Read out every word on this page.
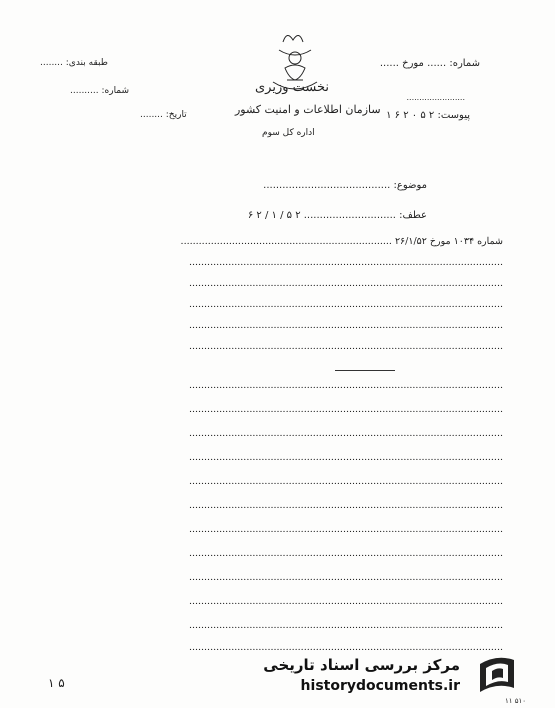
شماره: ...... مورخ ......
پیوست: ۲ ۵ ۰ ۲ ۶ ۱
.......................
طبقه بندی: ........
شماره: ..........
تاریخ: ........
نخست وزیری
سازمان اطلاعات و امنیت کشور
اداره کل سوم
موضوع: ........................................
عطف: ............................. ۲ ۵ / ۱ / ۲ ۶
شماره ۱۰۳۴ مورخ ۲۶/۱/۵۲ ......................................................................
........................................................................................................
........................................................................................................
........................................................................................................
........................................................................................................
........................................................................................................
........................................................................................................
........................................................................................................
........................................................................................................
........................................................................................................
........................................................................................................
........................................................................................................
........................................................................................................
........................................................................................................
........................................................................................................
........................................................................................................
........................................................................................................
........................................................................................................
۵ ۱
۵۱۰ ۱۱
مرکز بررسی اسناد تاریخی
historydocuments.ir
